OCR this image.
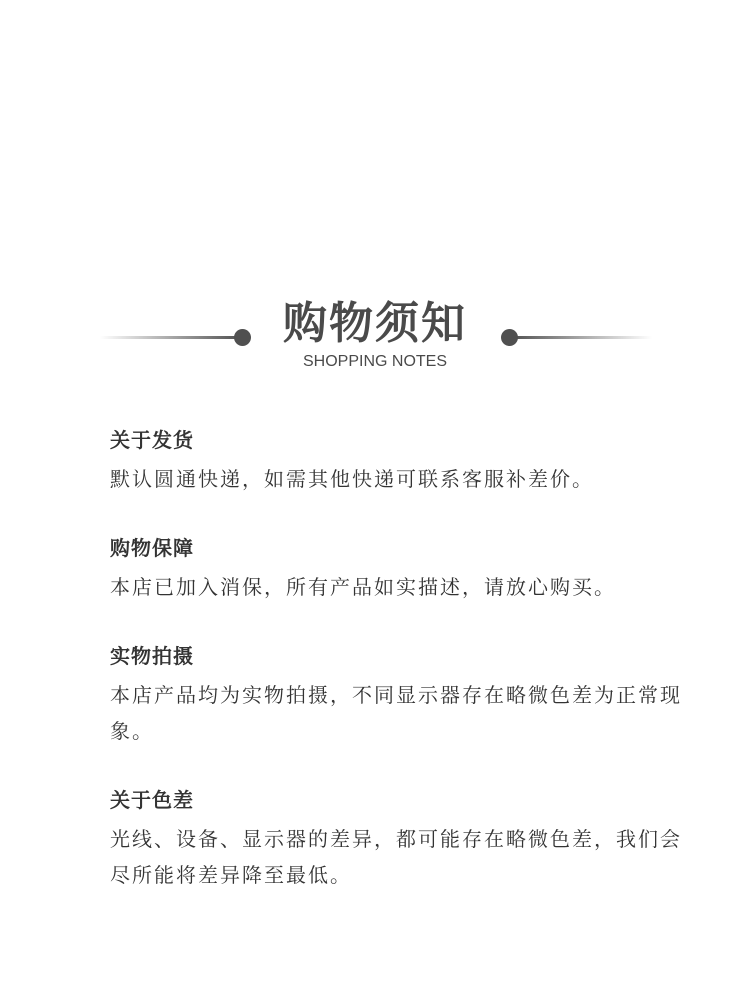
购物须知
SHOPPING NOTES
关于发货
默认圆通快递，如需其他快递可联系客服补差价。
购物保障
本店已加入消保，所有产品如实描述，请放心购买。
实物拍摄
本店产品均为实物拍摄，不同显示器存在略微色差为正常现象。
关于色差
光线、设备、显示器的差异，都可能存在略微色差，我们会尽所能将差异降至最低。
